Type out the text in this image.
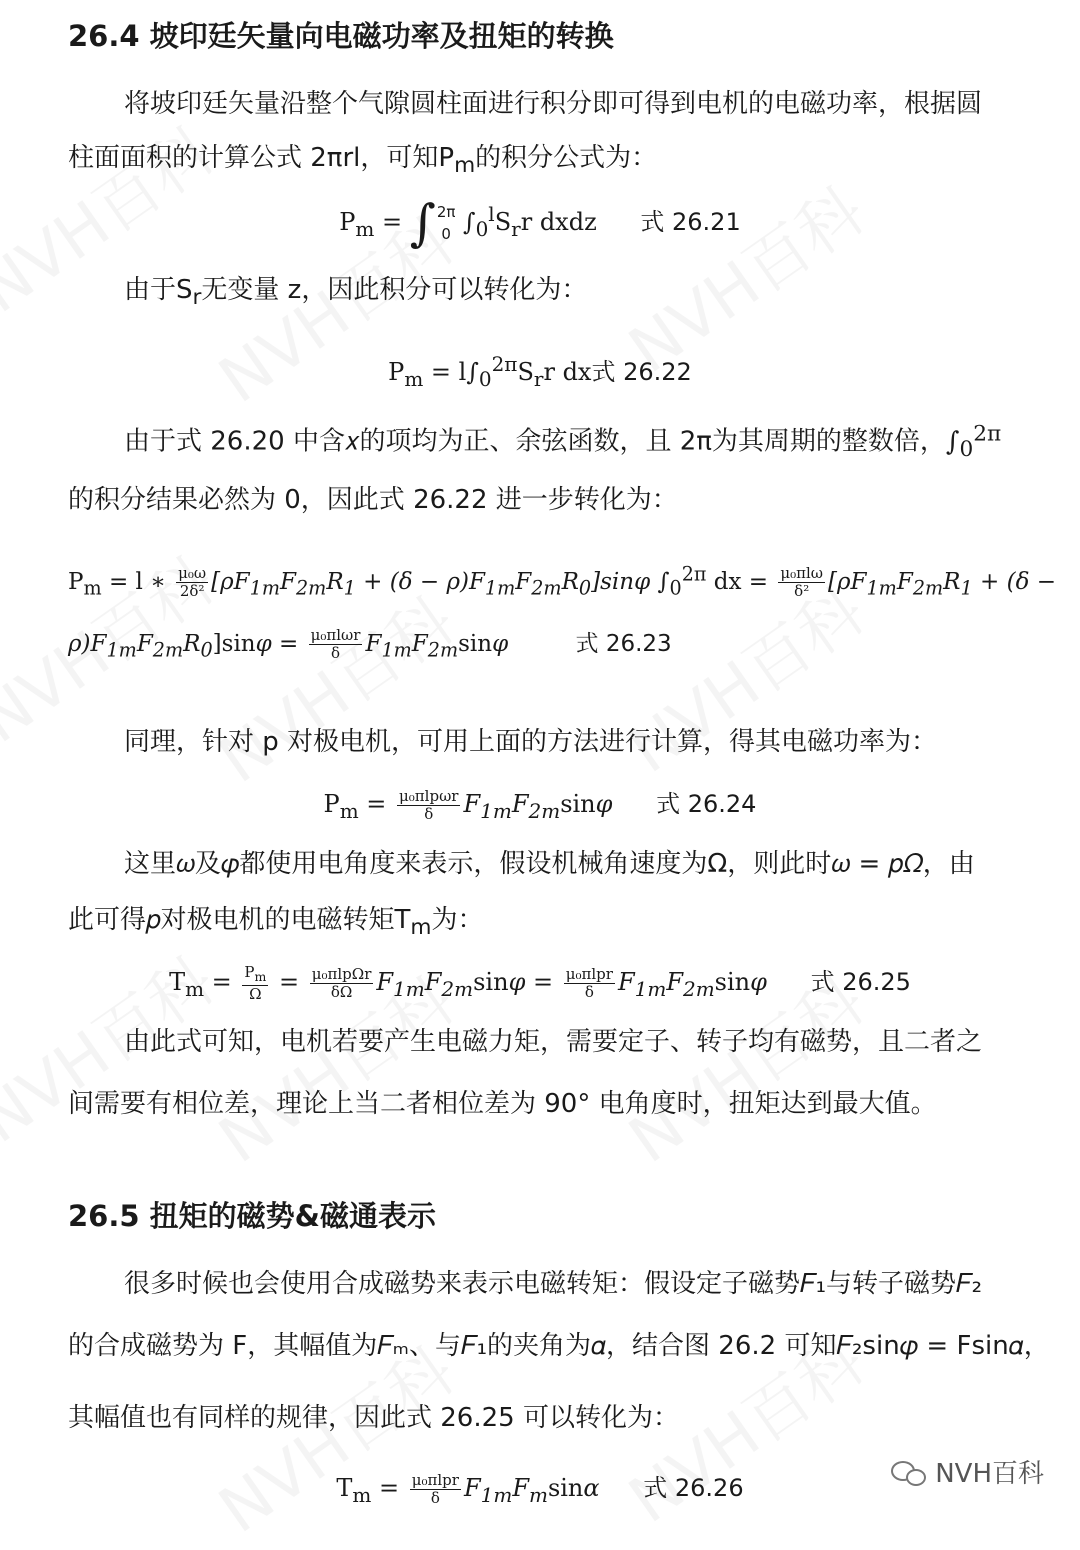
26.4 坡印廷矢量向电磁功率及扭矩的转换
将坡印廷矢量沿整个气隙圆柱面进行积分即可得到电机的电磁功率，根据圆
柱面面积的计算公式 2πrl，可知$P_m$的积分公式为：
$P_m$ = ∫ 2π
0 $\int_0^lS_rr$ dxdz 式 26.21
由于$S_r$无变量 z，因此积分可以转化为：
$P_m = l\int_0^{2\pi}S_rr$ dx式 26.22
由于式 26.20 中含𝑥的项均为正、余弦函数，且 2π为其周期的整数倍，$\int_0^{2\pi}$
的积分结果必然为 0，因此式 26.22 进一步转化为：
$P_m = l$ ∗ $\frac{\text{μ₀ω}}{\text{2δ²}} [\rho F_{1m}F_{2m}R_1 + (\delta - \rho)F_{1m}F_{2m}R_0]\sin\varphi$ $\int_0^{2\pi}$ dx = μ₀πlω
δ² [$\rho F_{1m}F_{2m}R_1 + (\delta$ −
$\rho)F_{1m}F_{2m}R_0]\sin\varphi = \mu_0\pi l\omega r$
δ	$F_{1m}F_{2m}\sin\varphi$	式 26.23
同理，针对 p 对极电机，可用上面的方法进行计算，得其电磁功率为：
$P_m = \mu_0\pi lp\omega r$
δ	$F_{1m}F_{2m}\sin\varphi$ 式 26.24
这里𝜔及𝜑都使用电角度来表示，假设机械角速度为Ω，则此时𝜔 = 𝑝𝛺，由
此可得𝑝对极电机的电磁转矩$T_m$为：
$T_m = \frac{P_m}{\Omega} = \mu_0\pi lp\Omega r$
δΩ	$F_{1m}F_{2m}\sin\varphi = \mu_0\pi lpr$
δ	$F_{1m}F_{2m}\sin\varphi$ 式 26.25
由此式可知，电机若要产生电磁力矩，需要定子、转子均有磁势，且二者之
间需要有相位差，理论上当二者相位差为 90° 电角度时，扭矩达到最大值。
26.5 扭矩的磁势&磁通表示
很多时候也会使用合成磁势来表示电磁转矩：假设定子磁势𝐹₁与转子磁势𝐹₂
的合成磁势为 F，其幅值为𝐹ₘ、与𝐹₁的夹角为𝛼，结合图 26.2 可知𝐹₂sin𝜑 = Fsin𝛼，
其幅值也有同样的规律，因此式 26.25 可以转化为：
$T_m = \mu_0\pi lpr$
δ	$F_{1m}F_m\sin\alpha$ 式 26.26	NVH百科
